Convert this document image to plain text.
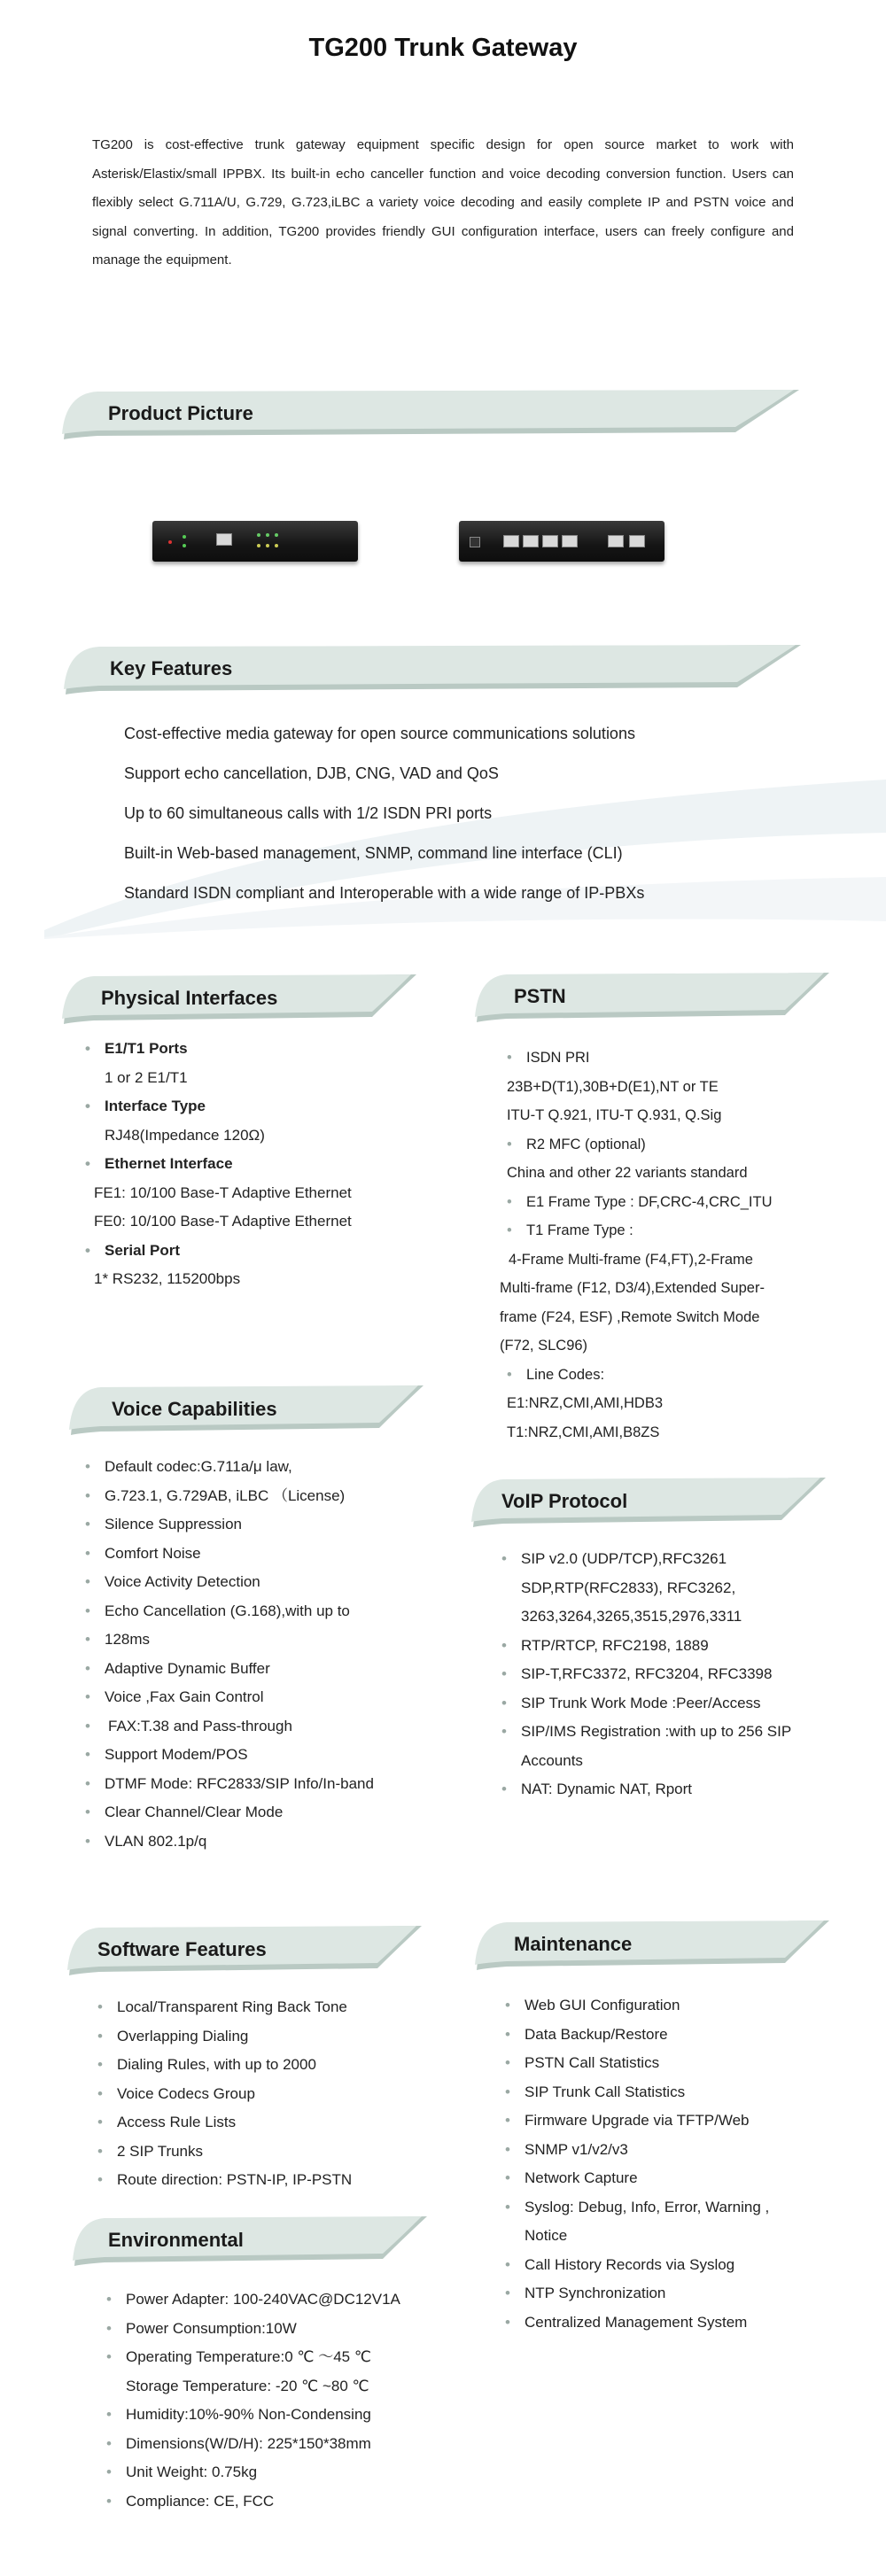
TG200 Trunk Gateway

TG200 is cost-effective trunk gateway equipment specific design for open source market to work with Asterisk/Elastix/small IPPBX. Its built-in echo canceller function and voice decoding conversion function. Users can flexibly select G.711A/U, G.729, G.723,iLBC a variety voice decoding and easily complete IP and PSTN voice and signal converting. In addition, TG200 provides friendly GUI configuration interface, users can freely configure and manage the equipment.

Product Picture
Key Features
Cost-effective media gateway for open source communications solutions
Support echo cancellation, DJB, CNG, VAD and QoS
Up to 60 simultaneous calls with 1/2 ISDN PRI ports
Built-in Web-based management, SNMP, command line interface (CLI)
Standard ISDN compliant and Interoperable with a wide range of IP-PBXs
Physical Interfaces
• E1/T1 Ports
1 or 2 E1/T1
• Interface Type
RJ48(Impedance 120Ω)
• Ethernet Interface
FE1: 10/100 Base-T Adaptive Ethernet
FE0: 10/100 Base-T Adaptive Ethernet
• Serial Port
1* RS232, 115200bps
PSTN
• ISDN PRI
23B+D(T1),30B+D(E1),NT or TE
ITU-T Q.921, ITU-T Q.931, Q.Sig
• R2 MFC (optional)
China and other 22 variants standard
• E1 Frame Type : DF,CRC-4,CRC_ITU
• T1 Frame Type :
4-Frame Multi-frame (F4,FT),2-Frame
Multi-frame (F12, D3/4),Extended Super-
frame (F24, ESF) ,Remote Switch Mode
(F72, SLC96)
• Line Codes:
E1:NRZ,CMI,AMI,HDB3
T1:NRZ,CMI,AMI,B8ZS
Voice Capabilities
• Default codec:G.711a/μ law,
• G.723.1, G.729AB, iLBC （License)
• Silence Suppression
• Comfort Noise
• Voice Activity Detection
• Echo Cancellation (G.168),with up to
• 128ms
• Adaptive Dynamic Buffer
• Voice ,Fax Gain Control
• FAX:T.38 and Pass-through
• Support Modem/POS
• DTMF Mode: RFC2833/SIP Info/In-band
• Clear Channel/Clear Mode
• VLAN 802.1p/q
VoIP Protocol
• SIP v2.0 (UDP/TCP),RFC3261
SDP,RTP(RFC2833), RFC3262,
3263,3264,3265,3515,2976,3311
• RTP/RTCP, RFC2198, 1889
• SIP-T,RFC3372, RFC3204, RFC3398
• SIP Trunk Work Mode :Peer/Access
• SIP/IMS Registration :with up to 256 SIP
Accounts
• NAT: Dynamic NAT, Rport
Software Features
• Local/Transparent Ring Back Tone
• Overlapping Dialing
• Dialing Rules, with up to 2000
• Voice Codecs Group
• Access Rule Lists
• 2 SIP Trunks
• Route direction: PSTN-IP, IP-PSTN
Maintenance
• Web GUI Configuration
• Data Backup/Restore
• PSTN Call Statistics
• SIP Trunk Call Statistics
• Firmware Upgrade via TFTP/Web
• SNMP v1/v2/v3
• Network Capture
• Syslog: Debug, Info, Error, Warning ,
Notice
• Call History Records via Syslog
• NTP Synchronization
• Centralized Management System
Environmental
• Power Adapter: 100-240VAC@DC12V1A
• Power Consumption:10W
• Operating Temperature:0 ℃ ～45 ℃
Storage Temperature: -20 ℃ ~80 ℃
• Humidity:10%-90% Non-Condensing
• Dimensions(W/D/H): 225*150*38mm
• Unit Weight: 0.75kg
• Compliance: CE, FCC
